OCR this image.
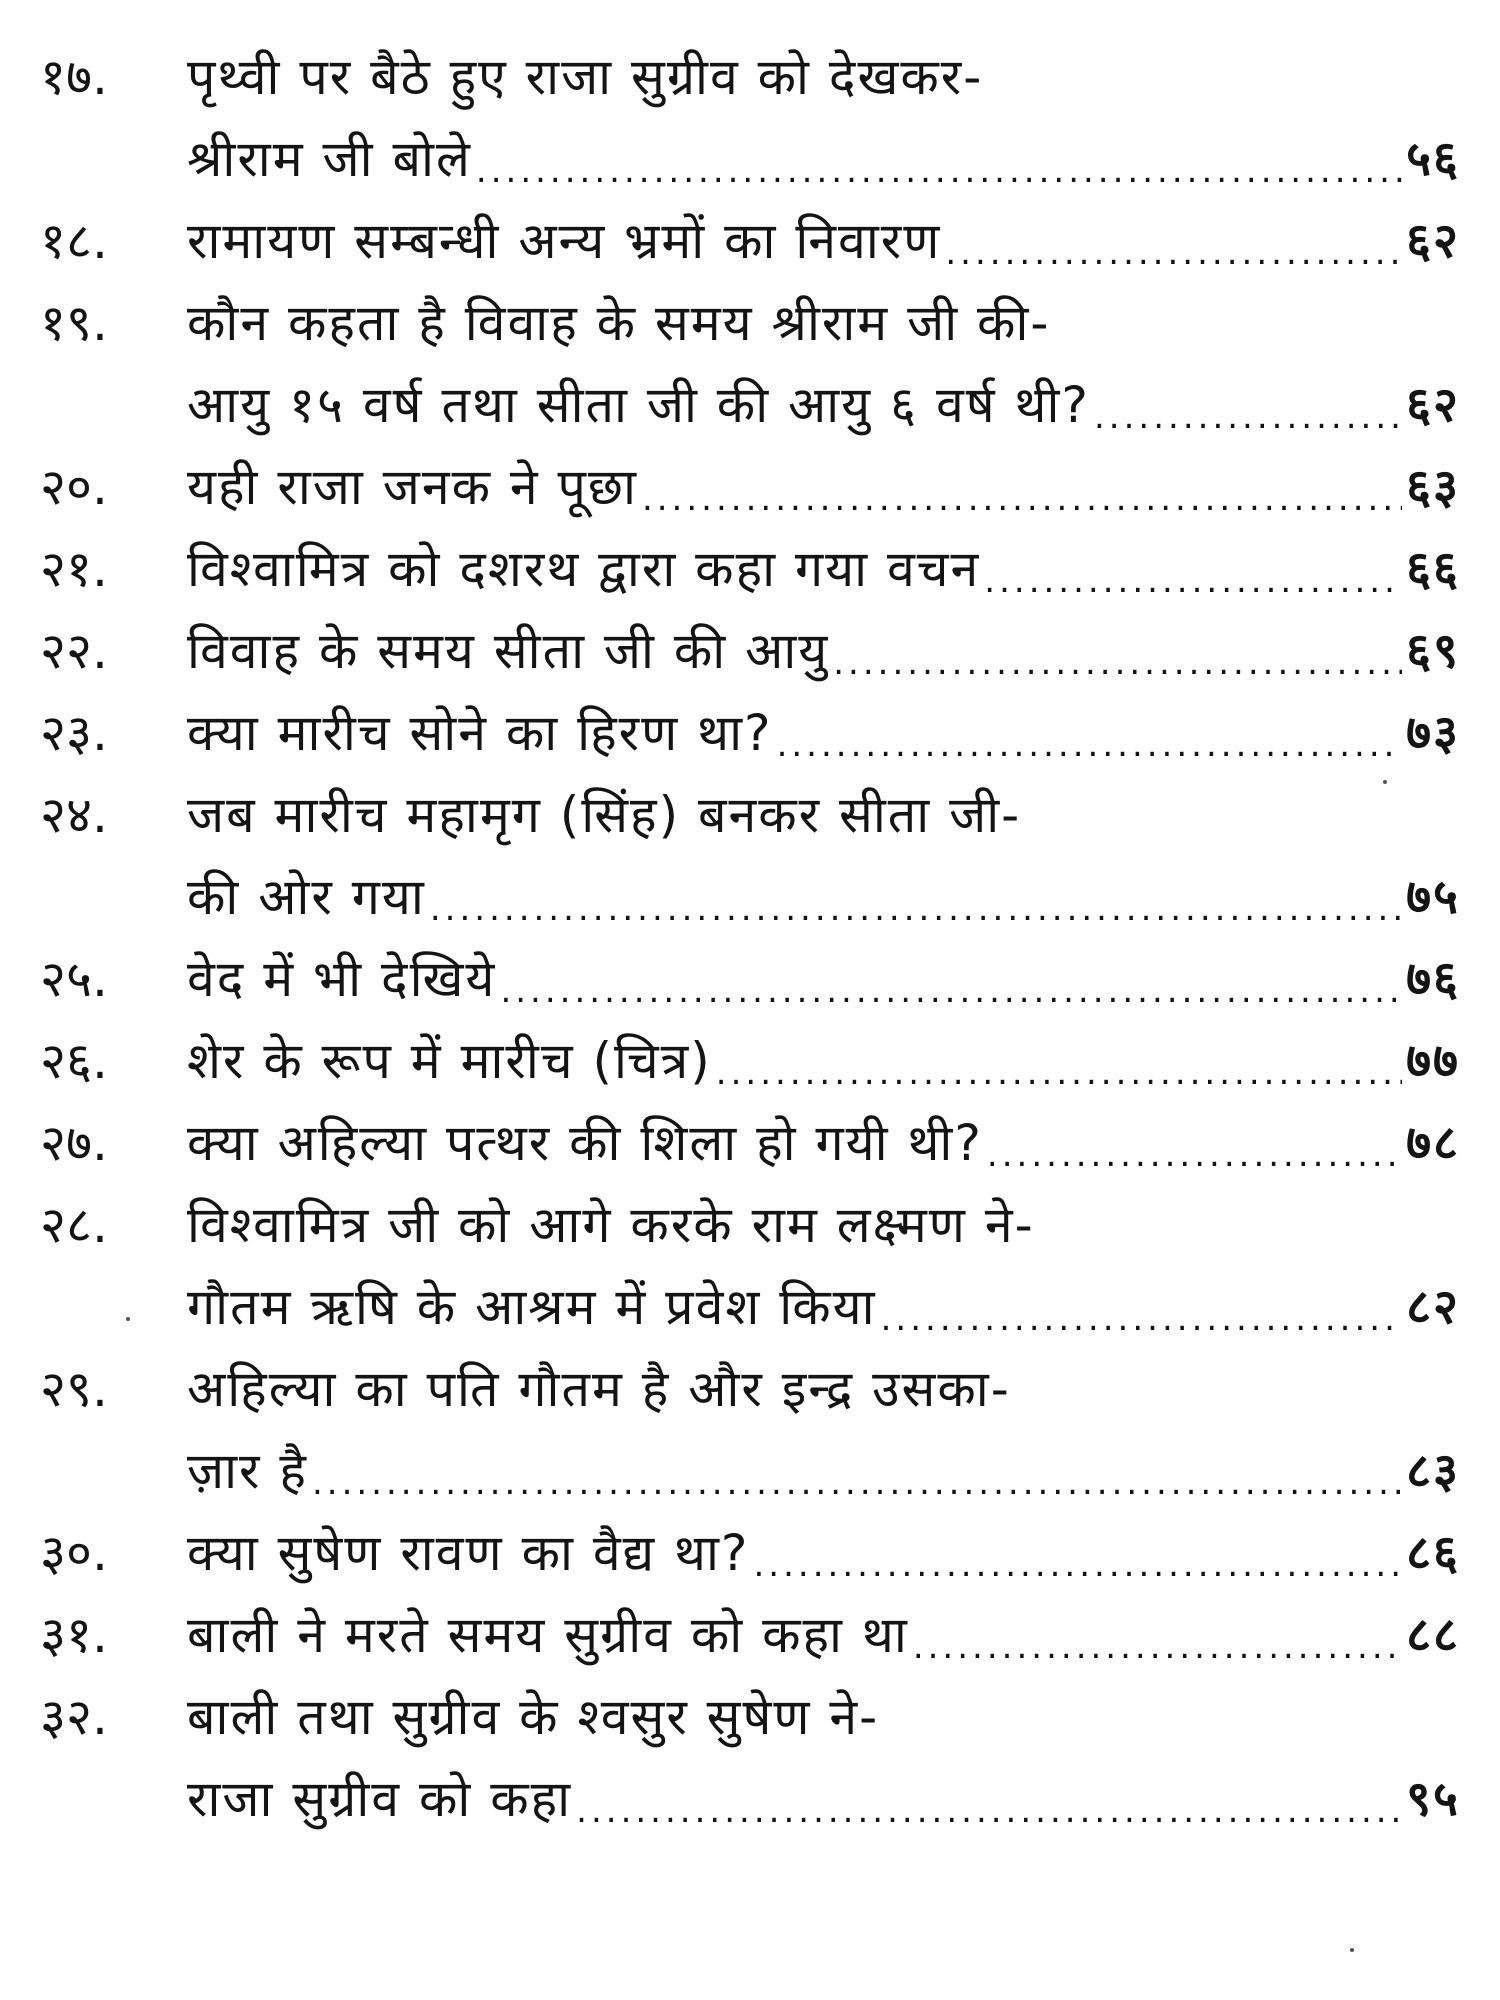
१७.	पृथ्वी पर बैठे हुए राजा सुग्रीव को देखकर-
श्रीराम जी बोले .....	५६
१८.	रामायण सम्बन्धी अन्य भ्रमों का निवारण .....	६२
१९.	कौन कहता है विवाह के समय श्रीराम जी की-
आयु १५ वर्ष तथा सीता जी की आयु ६ वर्ष थी? .....	६२
२०.	यही राजा जनक ने पूछा .....	६३
२१.	विश्वामित्र को दशरथ द्वारा कहा गया वचन .....	६६
२२.	विवाह के समय सीता जी की आयु .....	६९
२३.	क्या मारीच सोने का हिरण था? .....	७३
२४.	जब मारीच महामृग (सिंह) बनकर सीता जी-
की ओर गया .....	७५
२५.	वेद में भी देखिये .....	७६
२६.	शेर के रूप में मारीच (चित्र) .....	७७
२७.	क्या अहिल्या पत्थर की शिला हो गयी थी? .....	७८
२८.	विश्वामित्र जी को आगे करके राम लक्ष्मण ने-
गौतम ऋषि के आश्रम में प्रवेश किया .....	८२
२९.	अहिल्या का पति गौतम है और इन्द्र उसका-
ज़ार है .....	८३
३०.	क्या सुषेण रावण का वैद्य था? .....	८६
३१.	बाली ने मरते समय सुग्रीव को कहा था .....	८८
३२.	बाली तथा सुग्रीव के श्वसुर सुषेण ने-
राजा सुग्रीव को कहा .....	९५
